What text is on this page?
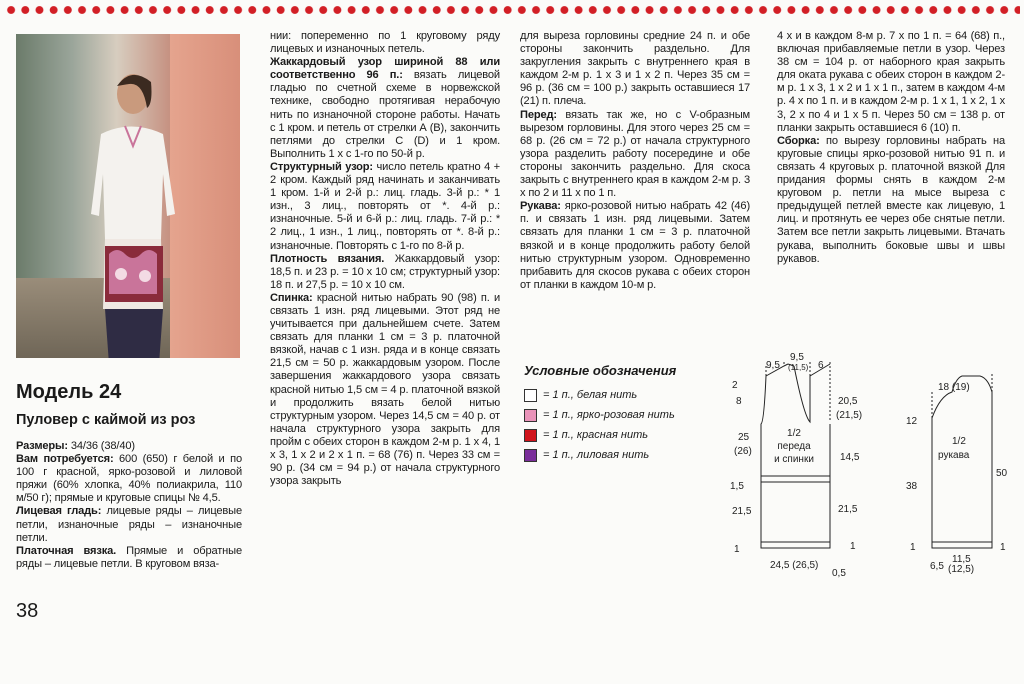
Модель 24
Пуловер с каймой из роз

Размеры: 34/36 (38/40)

Вам потребуется: 600 (650) г белой и по 100 г красной, ярко-розовой и лиловой пряжи (60% хлопка, 40% полиакрила, 110 м/50 г); прямые и круговые спицы № 4,5.

Лицевая гладь: лицевые ряды – лицевые петли, изнаночные ряды – изнаночные петли.

Платочная вязка. Прямые и обратные ряды – лицевые петли. В круговом вяза-

38

нии: попеременно по 1 круговому ряду лицевых и изнаночных петель.

Жаккардовый узор шириной 88 или соответственно 96 п.: вязать лицевой гладью по счетной схеме в норвежской технике, свободно протягивая нерабочую нить по изнаночной стороне работы. Начать с 1 кром. и петель от стрелки А (В), закончить петлями до стрелки С (D) и 1 кром. Выполнить 1 х с 1-го по 50-й р.

Структурный узор: число петель кратно 4 + 2 кром. Каждый ряд начинать и заканчивать 1 кром. 1-й и 2-й р.: лиц. гладь. 3-й р.: * 1 изн., 3 лиц., повторять от *. 4-й р.: изнаночные. 5-й и 6-й р.: лиц. гладь. 7-й р.: * 2 лиц., 1 изн., 1 лиц., повторять от *. 8-й р.: изнаночные. Повторять с 1-го по 8-й р.

Плотность вязания. Жаккардовый узор: 18,5 п. и 23 р. = 10 х 10 см; структурный узор: 18 п. и 27,5 р. = 10 х 10 см.

Спинка: красной нитью набрать 90 (98) п. и связать 1 изн. ряд лицевыми. Этот ряд не учитывается при дальнейшем счете. Затем связать для планки 1 см = 3 р. платочной вязкой, начав с 1 изн. ряда и в конце связать 21,5 см = 50 р. жаккардовым узором. После завершения жаккардового узора связать красной нитью 1,5 см = 4 р. платочной вязкой и продолжить вязать белой нитью структурным узором. Через 14,5 см = 40 р. от начала структурного узора закрыть для пройм с обеих сторон в каждом 2-м р. 1 х 4, 1 х 3, 1 х 2 и 2 х 1 п. = 68 (76) п. Через 33 см = 90 р. (34 см = 94 р.) от начала структурного узора закрыть

для выреза горловины средние 24 п. и обе стороны закончить раздельно. Для закругления закрыть с внутреннего края в каждом 2-м р. 1 х 3 и 1 х 2 п. Через 35 см = 96 р. (36 см = 100 р.) закрыть оставшиеся 17 (21) п. плеча.

Перед: вязать так же, но с V-образным вырезом горловины. Для этого через 25 см = 68 р. (26 см = 72 р.) от начала структурного узора разделить работу посередине и обе стороны закончить раздельно. Для скоса закрыть с внутреннего края в каждом 2-м р. 3 х по 2 и 11 х по 1 п.

Рукава: ярко-розовой нитью набрать 42 (46) п. и связать 1 изн. ряд лицевыми. Затем связать для планки 1 см = 3 р. платочной вязкой и в конце продолжить работу белой нитью структурным узором. Одновременно прибавить для скосов рукава с обеих сторон от планки в каждом 10-м р.

4 х и в каждом 8-м р. 7 х по 1 п. = 64 (68) п., включая прибавляемые петли в узор. Через 38 см = 104 р. от наборного края закрыть для оката рукава с обеих сторон в каждом 2-м р. 1 х 3, 1 х 2 и 1 х 1 п., затем в каждом 4-м р. 4 х по 1 п. и в каждом 2-м р. 1 х 1, 1 х 2, 1 х 3, 2 х по 4 и 1 х 5 п. Через 50 см = 138 р. от планки закрыть оставшиеся 6 (10) п.

Сборка: по вырезу горловины набрать на круговые спицы ярко-розовой нитью 91 п. и связать 4 круговых р. платочной вязкой Для придания формы снять в каждом 2-м круговом р. петли на мысе выреза с предыдущей петлей вместе как лицевую, 1 лиц. и протянуть ее через обе снятые петли. Затем все петли закрыть лицевыми. Втачать рукава, выполнить боковые швы и швы рукавов.

Условные обозначения
= 1 п., белая нить
= 1 п., ярко-розовая нить
= 1 п., красная нить
= 1 п., лиловая нить
1/2
переда
и спинки
9,5
9,5
(11,5) 6
2
8
25
(26)
1,5
21,5
1
20,5
(21,5)
14,5
21,5
1
24,5 (26,5)
0,5
1/2
рукава
18 (19)
12
38
1
50
1
6,5
11,5
(12,5)
